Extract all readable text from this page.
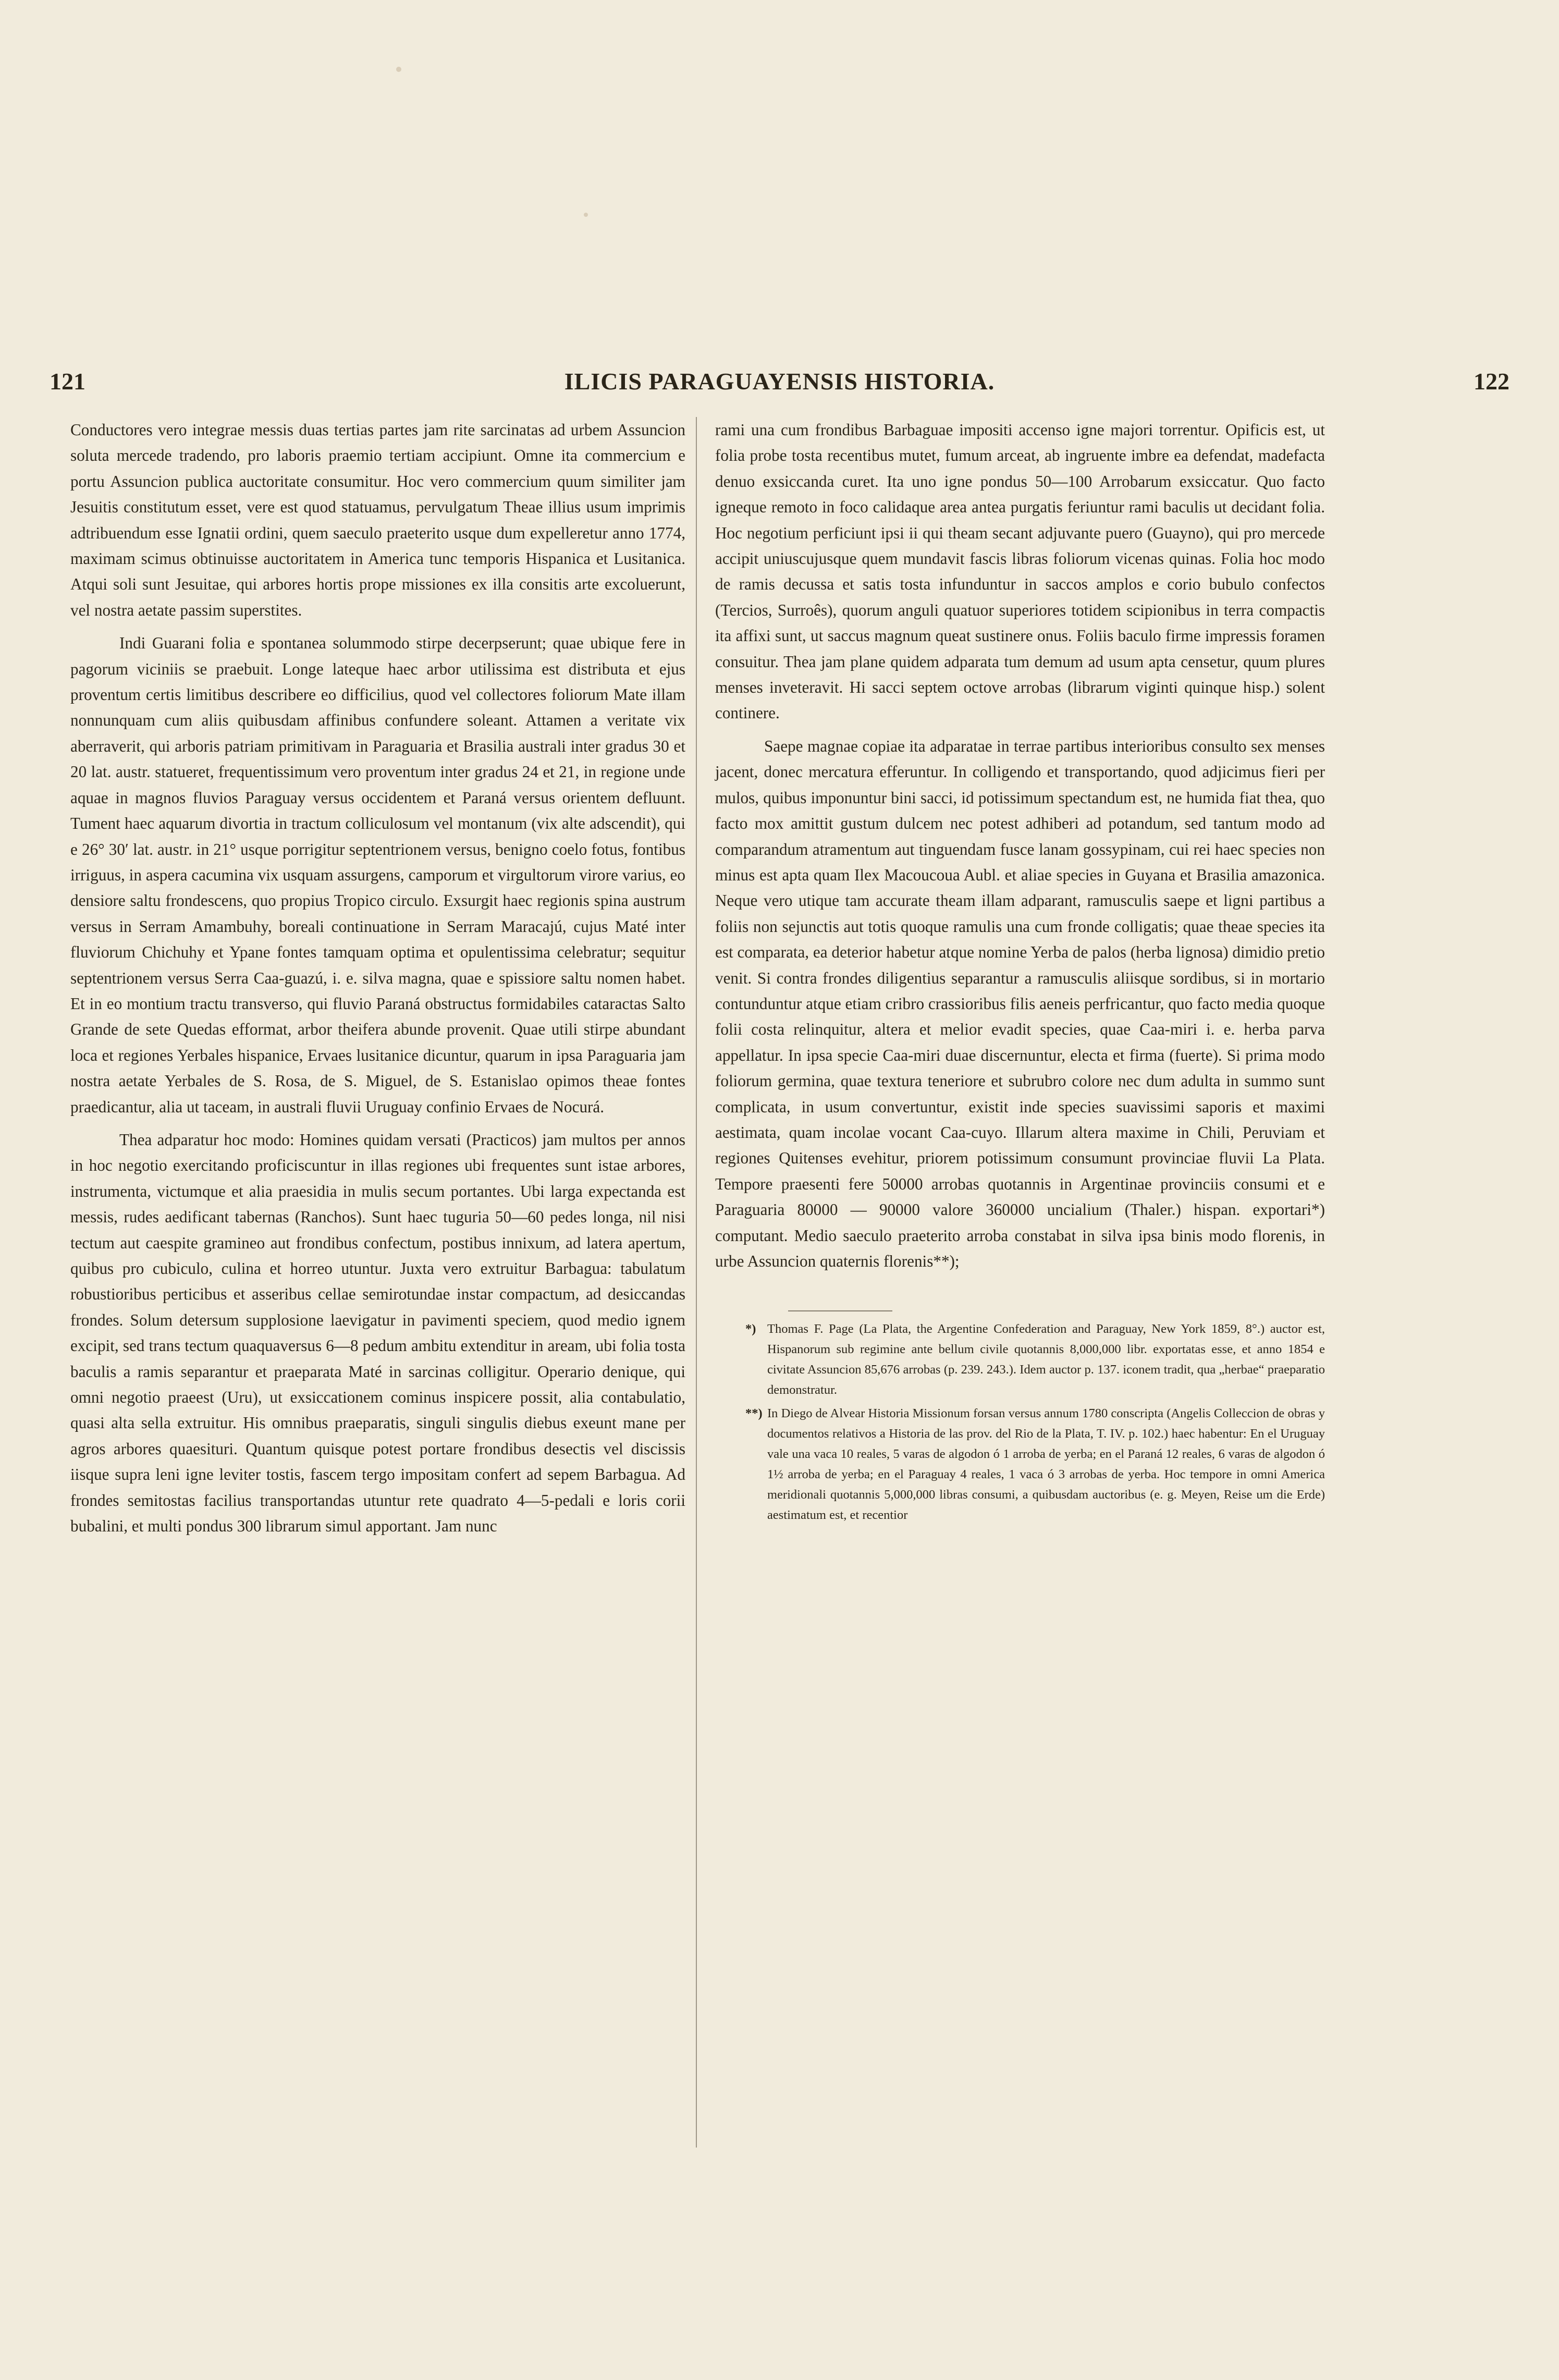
121	ILICIS PARAGUAYENSIS HISTORIA.	122

Conductores vero integrae messis duas tertias partes jam rite sarcinatas ad urbem Assuncion soluta mercede tradendo, pro laboris praemio tertiam accipiunt. Omne ita commercium e portu Assuncion publica auctoritate consumitur. Hoc vero commercium quum similiter jam Jesuitis constitutum esset, vere est quod statuamus, pervulgatum Theae illius usum imprimis adtribuendum esse Ignatii ordini, quem saeculo praeterito usque dum expelleretur anno 1774, maximam scimus obtinuisse auctoritatem in America tunc temporis Hispanica et Lusitanica. Atqui soli sunt Jesuitae, qui arbores hortis prope missiones ex illa consitis arte excoluerunt, vel nostra aetate passim superstites.

Indi Guarani folia e spontanea solummodo stirpe decerpserunt; quae ubique fere in pagorum viciniis se praebuit. Longe lateque haec arbor utilissima est distributa et ejus proventum certis limitibus describere eo difficilius, quod vel collectores foliorum Mate illam nonnunquam cum aliis quibusdam affinibus confundere soleant. Attamen a veritate vix aberraverit, qui arboris patriam primitivam in Paraguaria et Brasilia australi inter gradus 30 et 20 lat. austr. statueret, frequentissimum vero proventum inter gradus 24 et 21, in regione unde aquae in magnos fluvios Paraguay versus occidentem et Paraná versus orientem defluunt. Tument haec aquarum divortia in tractum colliculosum vel montanum (vix alte adscendit), qui e 26° 30′ lat. austr. in 21° usque porrigitur septentrionem versus, benigno coelo fotus, fontibus irriguus, in aspera cacumina vix usquam assurgens, camporum et virgultorum virore varius, eo densiore saltu frondescens, quo propius Tropico circulo. Exsurgit haec regionis spina austrum versus in Serram Amambuhy, boreali continuatione in Serram Maracajú, cujus Maté inter fluviorum Chichuhy et Ypane fontes tamquam optima et opulentissima celebratur; sequitur septentrionem versus Serra Caa-guazú, i. e. silva magna, quae e spissiore saltu nomen habet. Et in eo montium tractu transverso, qui fluvio Paraná obstructus formidabiles cataractas Salto Grande de sete Quedas efformat, arbor theifera abunde provenit. Quae utili stirpe abundant loca et regiones Yerbales hispanice, Ervaes lusitanice dicuntur, quarum in ipsa Paraguaria jam nostra aetate Yerbales de S. Rosa, de S. Miguel, de S. Estanislao opimos theae fontes praedicantur, alia ut taceam, in australi fluvii Uruguay confinio Ervaes de Nocurá.

Thea adparatur hoc modo: Homines quidam versati (Practicos) jam multos per annos in hoc negotio exercitando proficiscuntur in illas regiones ubi frequentes sunt istae arbores, instrumenta, victumque et alia praesidia in mulis secum portantes. Ubi larga expectanda est messis, rudes aedificant tabernas (Ranchos). Sunt haec tuguria 50—60 pedes longa, nil nisi tectum aut caespite gramineo aut frondibus confectum, postibus innixum, ad latera apertum, quibus pro cubiculo, culina et horreo utuntur. Juxta vero extruitur Barbagua: tabulatum robustioribus perticibus et asseribus cellae semirotundae instar compactum, ad desiccandas frondes. Solum detersum supplosione laevigatur in pavimenti speciem, quod medio ignem excipit, sed trans tectum quaquaversus 6—8 pedum ambitu extenditur in aream, ubi folia tosta baculis a ramis separantur et praeparata Maté in sarcinas colligitur. Operario denique, qui omni negotio praeest (Uru), ut exsiccationem cominus inspicere possit, alia contabulatio, quasi alta sella extruitur. His omnibus praeparatis, singuli singulis diebus exeunt mane per agros arbores quaesituri. Quantum quisque potest portare frondibus desectis vel discissis iisque supra leni igne leviter tostis, fascem tergo impositam confert ad sepem Barbagua. Ad frondes semitostas facilius transportandas utuntur rete quadrato 4—5-pedali e loris corii bubalini, et multi pondus 300 librarum simul apportant. Jam nunc

rami una cum frondibus Barbaguae impositi accenso igne majori torrentur. Opificis est, ut folia probe tosta recentibus mutet, fumum arceat, ab ingruente imbre ea defendat, madefacta denuo exsiccanda curet. Ita uno igne pondus 50—100 Arrobarum exsiccatur. Quo facto igneque remoto in foco calidaque area antea purgatis feriuntur rami baculis ut decidant folia. Hoc negotium perficiunt ipsi ii qui theam secant adjuvante puero (Guayno), qui pro mercede accipit uniuscujusque quem mundavit fascis libras foliorum vicenas quinas. Folia hoc modo de ramis decussa et satis tosta infunduntur in saccos amplos e corio bubulo confectos (Tercios, Surroês), quorum anguli quatuor superiores totidem scipionibus in terra compactis ita affixi sunt, ut saccus magnum queat sustinere onus. Foliis baculo firme impressis foramen consuitur. Thea jam plane quidem adparata tum demum ad usum apta censetur, quum plures menses inveteravit. Hi sacci septem octove arrobas (librarum viginti quinque hisp.) solent continere.

Saepe magnae copiae ita adparatae in terrae partibus interioribus consulto sex menses jacent, donec mercatura efferuntur. In colligendo et transportando, quod adjicimus fieri per mulos, quibus imponuntur bini sacci, id potissimum spectandum est, ne humida fiat thea, quo facto mox amittit gustum dulcem nec potest adhiberi ad potandum, sed tantum modo ad comparandum atramentum aut tinguendam fusce lanam gossypinam, cui rei haec species non minus est apta quam Ilex Macoucoua Aubl. et aliae species in Guyana et Brasilia amazonica. Neque vero utique tam accurate theam illam adparant, ramusculis saepe et ligni partibus a foliis non sejunctis aut totis quoque ramulis una cum fronde colligatis; quae theae species ita est comparata, ea deterior habetur atque nomine Yerba de palos (herba lignosa) dimidio pretio venit. Si contra frondes diligentius separantur a ramusculis aliisque sordibus, si in mortario contunduntur atque etiam cribro crassioribus filis aeneis perfricantur, quo facto media quoque folii costa relinquitur, altera et melior evadit species, quae Caa-miri i. e. herba parva appellatur. In ipsa specie Caa-miri duae discernuntur, electa et firma (fuerte). Si prima modo foliorum germina, quae textura teneriore et subrubro colore nec dum adulta in summo sunt complicata, in usum convertuntur, existit inde species suavissimi saporis et maximi aestimata, quam incolae vocant Caa-cuyo. Illarum altera maxime in Chili, Peruviam et regiones Quitenses evehitur, priorem potissimum consumunt provinciae fluvii La Plata. Tempore praesenti fere 50000 arrobas quotannis in Argentinae provinciis consumi et e Paraguaria 80000 — 90000 valore 360000 uncialium (Thaler.) hispan. exportari*) computant. Medio saeculo praeterito arroba constabat in silva ipsa binis modo florenis, in urbe Assuncion quaternis florenis**);

*) Thomas F. Page (La Plata, the Argentine Confederation and Paraguay, New York 1859, 8°.) auctor est, Hispanorum sub regimine ante bellum civile quotannis 8,000,000 libr. exportatas esse, et anno 1854 e civitate Assuncion 85,676 arrobas (p. 239. 243.). Idem auctor p. 137. iconem tradit, qua „herbae“ praeparatio demonstratur.
**) In Diego de Alvear Historia Missionum forsan versus annum 1780 conscripta (Angelis Colleccion de obras y documentos relativos a Historia de las prov. del Rio de la Plata, T. IV. p. 102.) haec habentur: En el Uruguay vale una vaca 10 reales, 5 varas de algodon ó 1 arroba de yerba; en el Paraná 12 reales, 6 varas de algodon ó 1½ arroba de yerba; en el Paraguay 4 reales, 1 vaca ó 3 arrobas de yerba. Hoc tempore in omni America meridionali quotannis 5,000,000 libras consumi, a quibusdam auctoribus (e. g. Meyen, Reise um die Erde) aestimatum est, et recentior
